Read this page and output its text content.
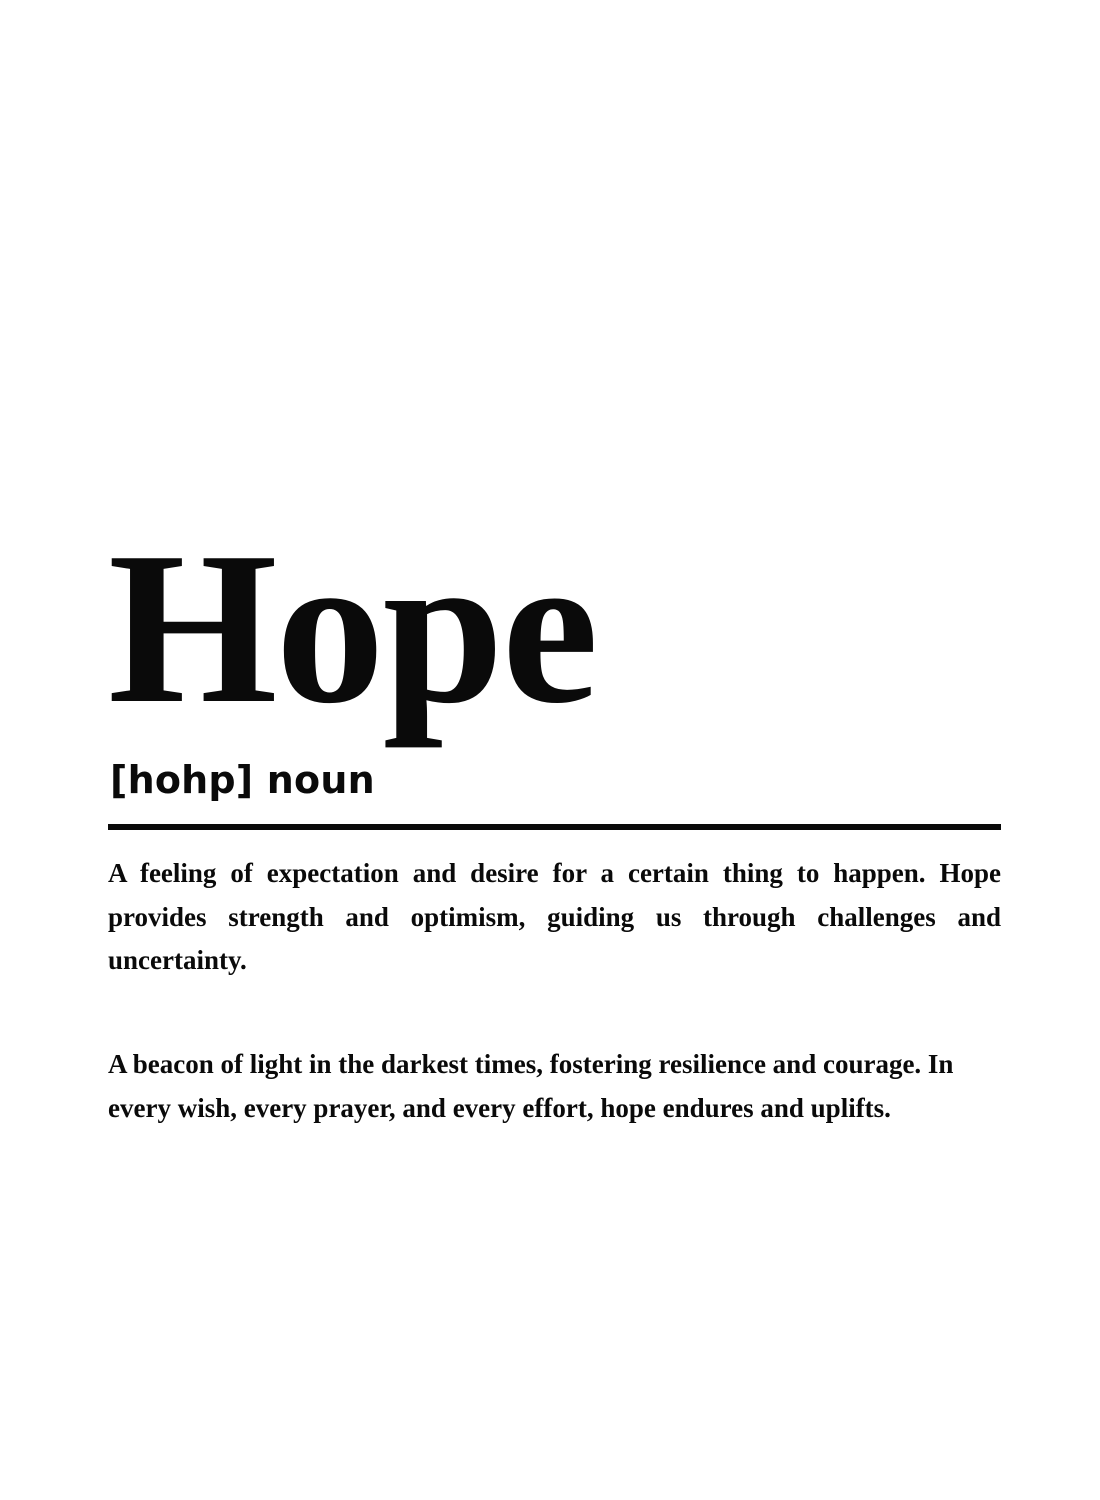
Hope
[hohp] noun

A feeling of expectation and desire for a certain thing to happen. Hope provides strength and optimism, guiding us through challenges and uncertainty.

A beacon of light in the darkest times, fostering resilience and courage. In every wish, every prayer, and every effort, hope endures and uplifts.
